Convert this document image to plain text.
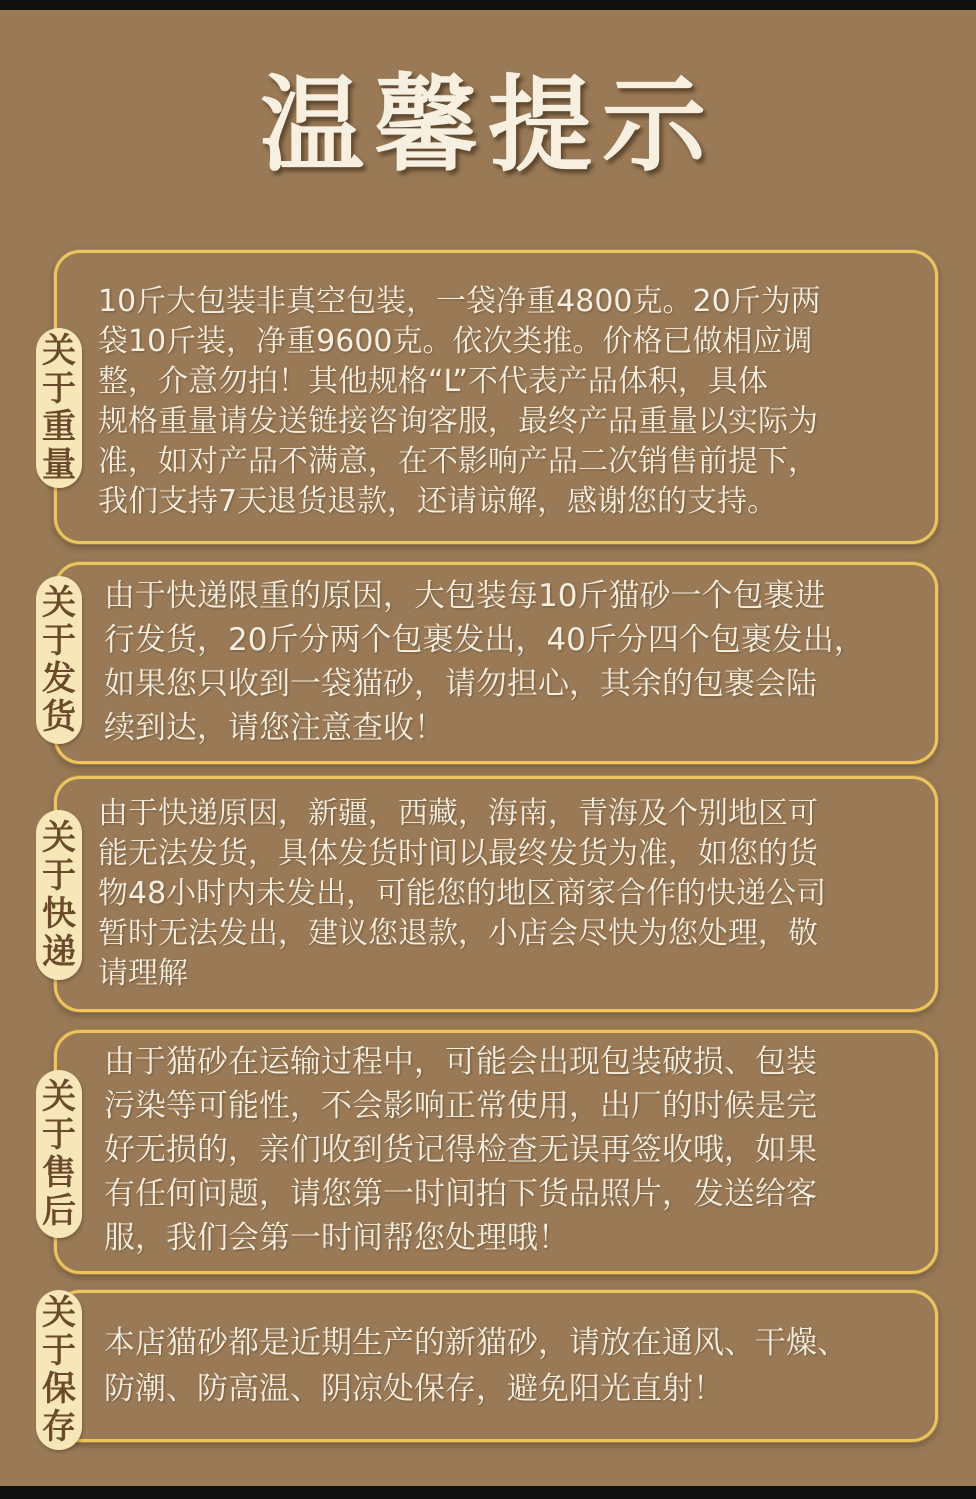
温馨提示
关
于
重
量
10斤大包装非真空包装，一袋净重4800克。20斤为两
袋10斤装，净重9600克。依次类推。价格已做相应调
整，介意勿拍！其他规格“L”不代表产品体积，具体
规格重量请发送链接咨询客服，最终产品重量以实际为
准，如对产品不满意，在不影响产品二次销售前提下，
我们支持7天退货退款，还请谅解，感谢您的支持。
关
于
发
货
由于快递限重的原因，大包装每10斤猫砂一个包裹进
行发货，20斤分两个包裹发出，40斤分四个包裹发出，
如果您只收到一袋猫砂，请勿担心，其余的包裹会陆
续到达，请您注意查收！
关
于
快
递
由于快递原因，新疆，西藏，海南，青海及个别地区可
能无法发货，具体发货时间以最终发货为准，如您的货
物48小时内未发出，可能您的地区商家合作的快递公司
暂时无法发出，建议您退款，小店会尽快为您处理，敬
请理解
关
于
售
后
由于猫砂在运输过程中，可能会出现包装破损、包装
污染等可能性，不会影响正常使用，出厂的时候是完
好无损的，亲们收到货记得检查无误再签收哦，如果
有任何问题，请您第一时间拍下货品照片，发送给客
服，我们会第一时间帮您处理哦！
关
于
保
存
本店猫砂都是近期生产的新猫砂，请放在通风、干燥、
防潮、防高温、阴凉处保存，避免阳光直射！
